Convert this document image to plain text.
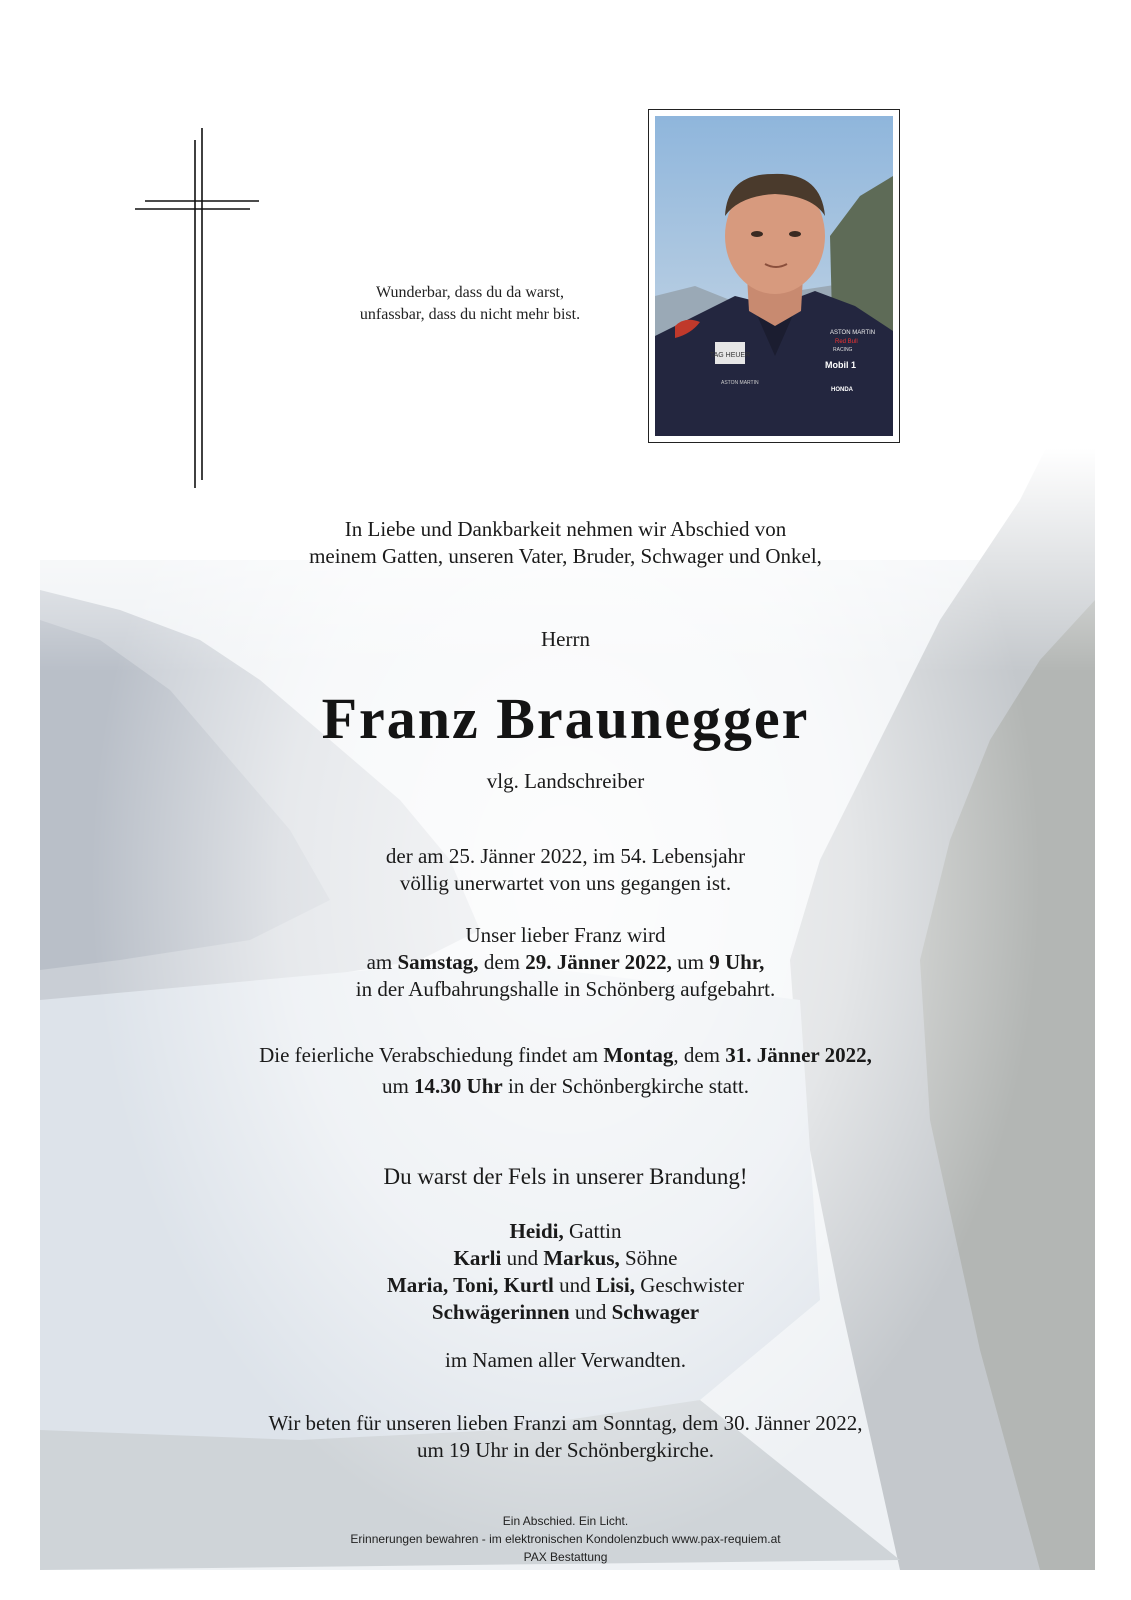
Wunderbar, dass du da warst,
unfassbar, dass du nicht mehr bist.
TAG HEUER
ASTON MARTIN
Red Bull
RACING
Mobil 1
HONDA
ASTON MARTIN
In Liebe und Dankbarkeit nehmen wir Abschied von
meinem Gatten, unseren Vater, Bruder, Schwager und Onkel,
Herrn
Franz Braunegger
vlg. Landschreiber
der am 25. Jänner 2022, im 54. Lebensjahr
völlig unerwartet von uns gegangen ist.
Unser lieber Franz wird
am Samstag, dem 29. Jänner 2022, um 9 Uhr,
in der Aufbahrungshalle in Schönberg aufgebahrt.
Die feierliche Verabschiedung findet am Montag, dem 31. Jänner 2022,
um 14.30 Uhr in der Schönbergkirche statt.
Du warst der Fels in unserer Brandung!
Heidi, Gattin
Karli und Markus, Söhne
Maria, Toni, Kurtl und Lisi, Geschwister
Schwägerinnen und Schwager
im Namen aller Verwandten.
Wir beten für unseren lieben Franzi am Sonntag, dem 30. Jänner 2022,
um 19 Uhr in der Schönbergkirche.
Ein Abschied. Ein Licht.
Erinnerungen bewahren - im elektronischen Kondolenzbuch www.pax-requiem.at
PAX Bestattung
